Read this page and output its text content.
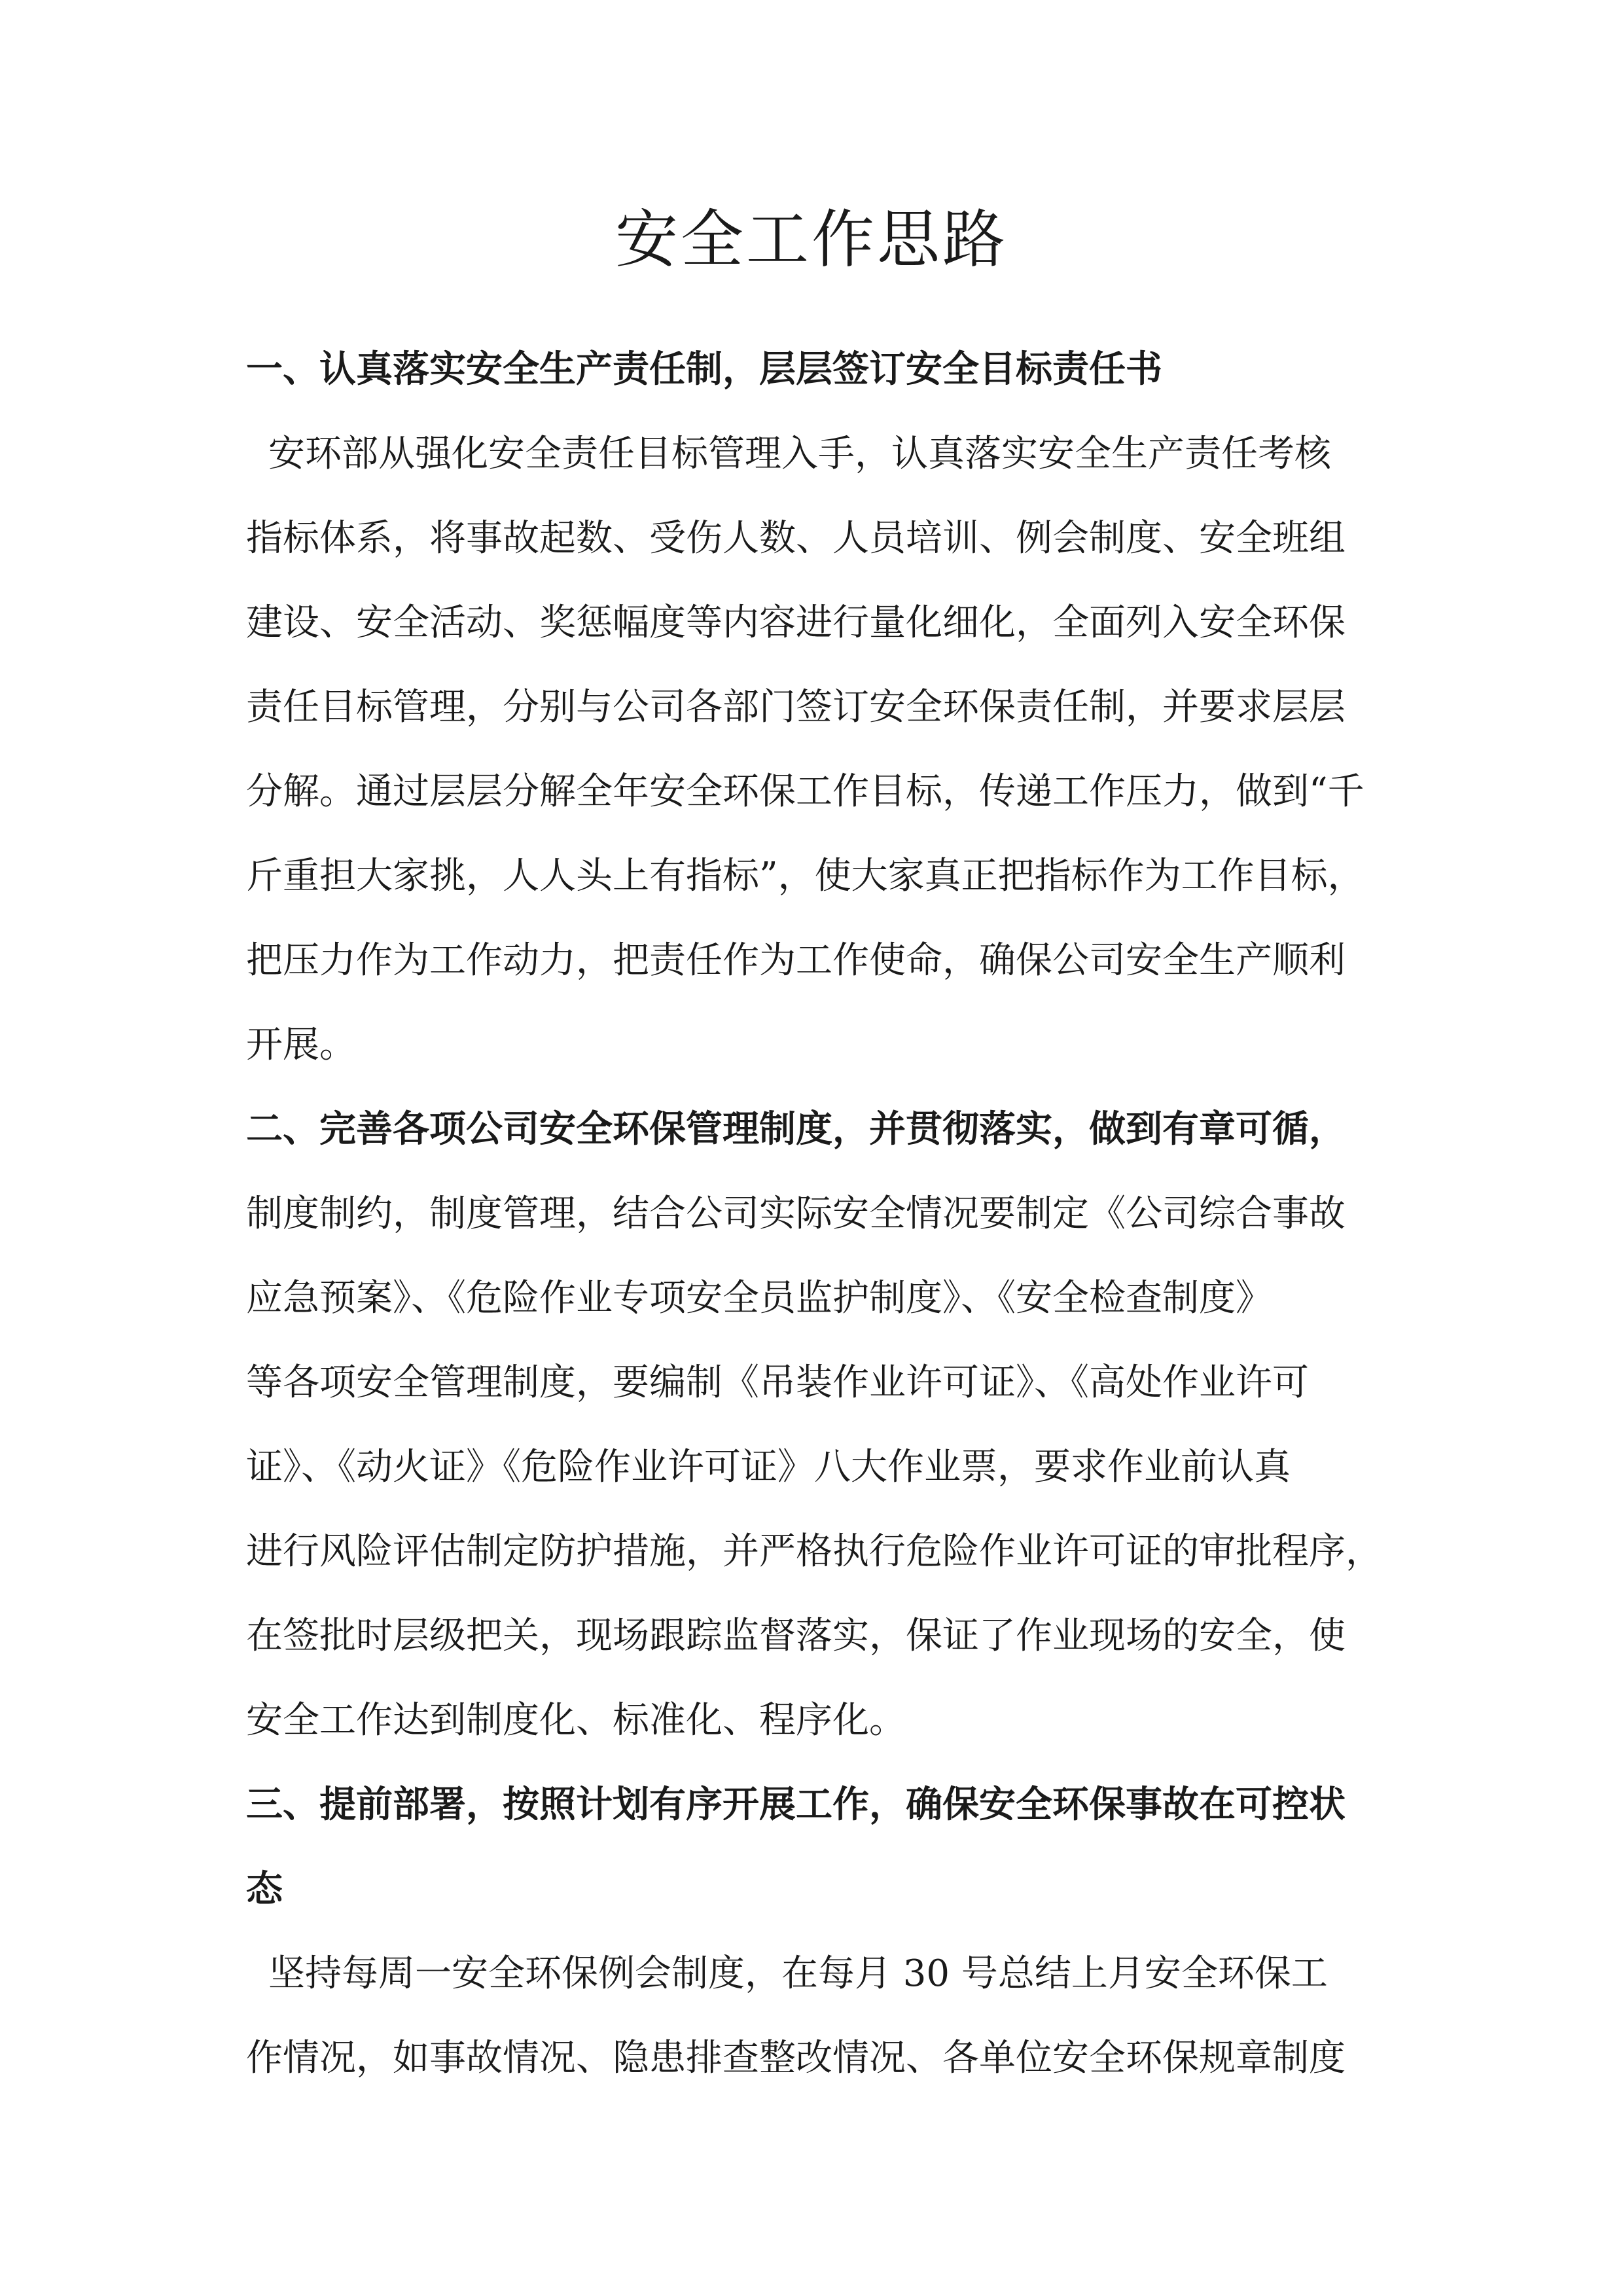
安全工作思路

一、认真落实安全生产责任制，层层签订安全目标责任书

安环部从强化安全责任目标管理入手，认真落实安全生产责任考核

指标体系，将事故起数、受伤人数、人员培训、例会制度、安全班组

建设、安全活动、奖惩幅度等内容进行量化细化，全面列入安全环保

责任目标管理，分别与公司各部门签订安全环保责任制，并要求层层

分解。通过层层分解全年安全环保工作目标，传递工作压力，做到“千

斤重担大家挑，人人头上有指标”，使大家真正把指标作为工作目标，

把压力作为工作动力，把责任作为工作使命，确保公司安全生产顺利

开展。

二、完善各项公司安全环保管理制度，并贯彻落实，做到有章可循，

制度制约，制度管理，结合公司实际安全情况要制定《公司综合事故

应急预案》、《危险作业专项安全员监护制度》、《安全检查制度》

等各项安全管理制度，要编制《吊装作业许可证》、《高处作业许可

证》、《动火证》《危险作业许可证》八大作业票，要求作业前认真

进行风险评估制定防护措施，并严格执行危险作业许可证的审批程序，

在签批时层级把关，现场跟踪监督落实，保证了作业现场的安全，使

安全工作达到制度化、标准化、程序化。

三、提前部署，按照计划有序开展工作，确保安全环保事故在可控状

态

坚持每周一安全环保例会制度，在每月 30 号总结上月安全环保工

作情况，如事故情况、隐患排查整改情况、各单位安全环保规章制度
